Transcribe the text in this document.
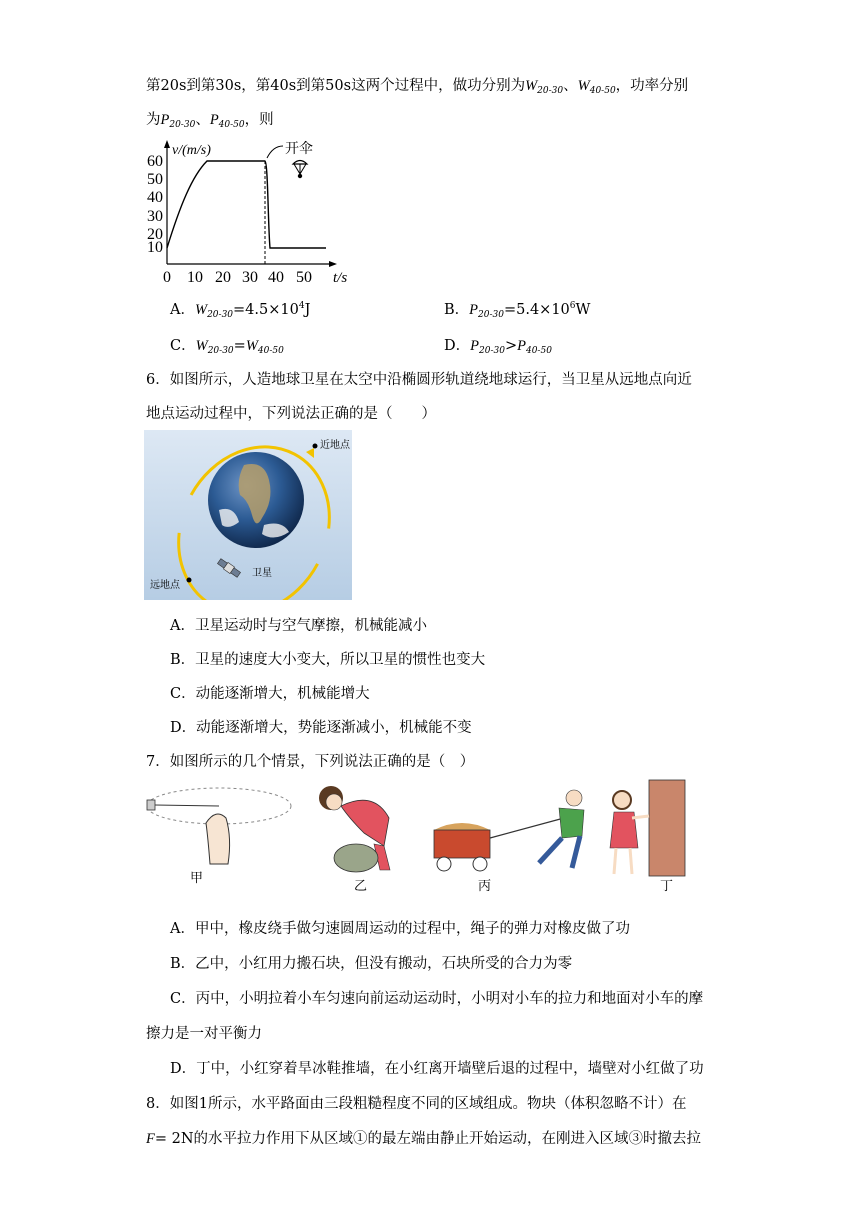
第20s到第30s，第40s到第50s这两个过程中，做功分别为$W_{20-30}$、$W_{40-50}$，功率分别
为$P_{20-30}$、$P_{40-50}$，则
v/(m/s)
60
50
40
30
20
10
0 10 20 30 40 50 t/s
开伞
A．$W_{20-30}=4.5\times 10^4J$	B．$P_{20-30}=5.4\times 10^6W$
C．$W_{20-30}=W_{40-50}$	D．$P_{20-30}>P_{40-50}$
6．如图所示，人造地球卫星在太空中沿椭圆形轨道绕地球运行，当卫星从远地点向近
地点运动过程中，下列说法正确的是（　　）
近地点
远地点
卫星
A．卫星运动时与空气摩擦，机械能减小
B．卫星的速度大小变大，所以卫星的惯性也变大
C．动能逐渐增大，机械能增大
D．动能逐渐增大，势能逐渐减小，机械能不变
7．如图所示的几个情景，下列说法正确的是（　）
甲
乙	丙	丁
A．甲中，橡皮绕手做匀速圆周运动的过程中，绳子的弹力对橡皮做了功
B．乙中，小红用力搬石块，但没有搬动，石块所受的合力为零
C．丙中，小明拉着小车匀速向前运动运动时，小明对小车的拉力和地面对小车的摩
擦力是一对平衡力
D．丁中，小红穿着旱冰鞋推墙，在小红离开墙壁后退的过程中，墙壁对小红做了功
8．如图1所示，水平路面由三段粗糙程度不同的区域组成。物块（体积忽略不计）在
F= 2N的水平拉力作用下从区域①的最左端由静止开始运动，在刚进入区域③时撤去拉
